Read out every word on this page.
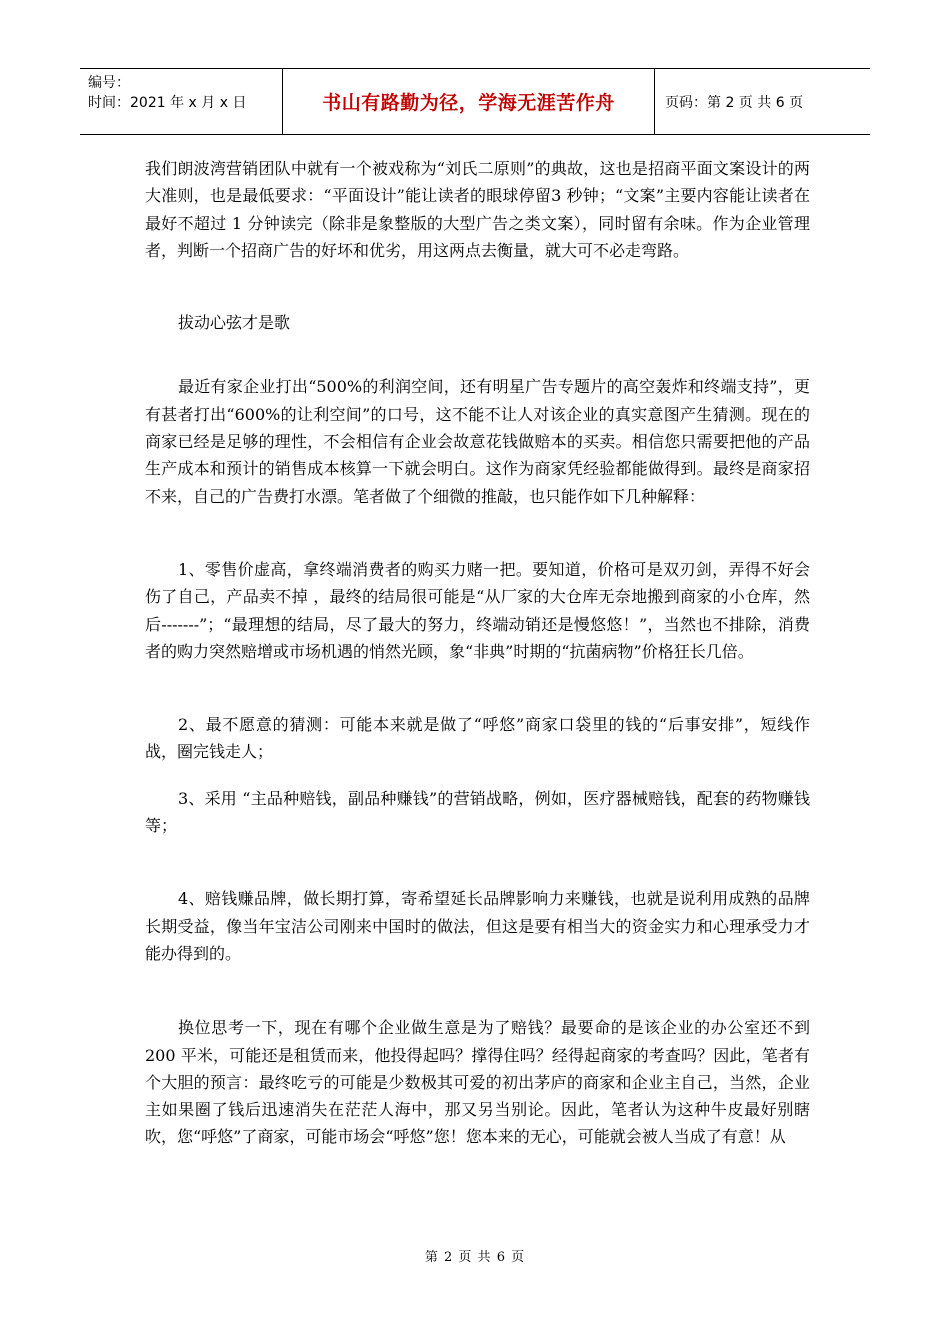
编号：
时间：2021 年 x 月 x 日	书山有路勤为径，学海无涯苦作舟	页码：第 2 页 共 6 页

我们朗波湾营销团队中就有一个被戏称为“刘氏二原则”的典故，这也是招商平面文案设计的两大准则，也是最低要求：“平面设计”能让读者的眼球停留3 秒钟；“文案”主要内容能让读者在最好不超过 1 分钟读完（除非是象整版的大型广告之类文案），同时留有余味。作为企业管理者，判断一个招商广告的好坏和优劣，用这两点去衡量，就大可不必走弯路。

拔动心弦才是歌

最近有家企业打出“500%的利润空间，还有明星广告专题片的高空轰炸和终端支持”，更有甚者打出“600%的让利空间”的口号，这不能不让人对该企业的真实意图产生猜测。现在的商家已经是足够的理性，不会相信有企业会故意花钱做赔本的买卖。相信您只需要把他的产品生产成本和预计的销售成本核算一下就会明白。这作为商家凭经验都能做得到。最终是商家招不来，自己的广告费打水漂。笔者做了个细微的推敲，也只能作如下几种解释：

1、零售价虚高，拿终端消费者的购买力赌一把。要知道，价格可是双刃剑，弄得不好会伤了自己，产品卖不掉 ，最终的结局很可能是“从厂家的大仓库无奈地搬到商家的小仓库，然后-------”；“最理想的结局，尽了最大的努力，终端动销还是慢悠悠！”，当然也不排除，消费者的购力突然赔增或市场机遇的悄然光顾，象“非典”时期的“抗菌病物”价格狂长几倍。

2、最不愿意的猜测：可能本来就是做了“呼悠”商家口袋里的钱的“后事安排”，短线作战，圈完钱走人；

3、采用 “主品种赔钱，副品种赚钱”的营销战略，例如，医疗器械赔钱，配套的药物赚钱等；

4、赔钱赚品牌，做长期打算，寄希望延长品牌影响力来赚钱，也就是说利用成熟的品牌长期受益，像当年宝洁公司刚来中国时的做法，但这是要有相当大的资金实力和心理承受力才能办得到的。

换位思考一下，现在有哪个企业做生意是为了赔钱？最要命的是该企业的办公室还不到 200 平米，可能还是租赁而来，他投得起吗？撑得住吗？经得起商家的考查吗？因此，笔者有个大胆的预言：最终吃亏的可能是少数极其可爱的初出茅庐的商家和企业主自己，当然，企业主如果圈了钱后迅速消失在茫茫人海中，那又另当别论。因此，笔者认为这种牛皮最好别瞎吹，您“呼悠”了商家，可能市场会“呼悠”您！您本来的无心，可能就会被人当成了有意！从

第 2 页 共 6 页
